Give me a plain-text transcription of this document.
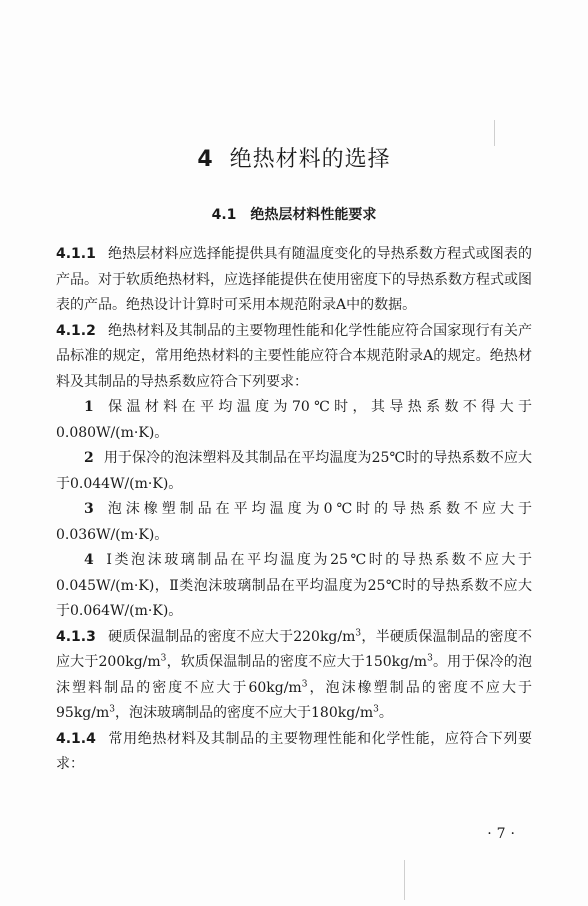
4 绝热材料的选择
4.1 绝热层材料性能要求

4.1.1 绝热层材料应选择能提供具有随温度变化的导热系数方程式或图表的产品。对于软质绝热材料，应选择能提供在使用密度下的导热系数方程式或图表的产品。绝热设计计算时可采用本规范附录A中的数据。

4.1.2 绝热材料及其制品的主要物理性能和化学性能应符合国家现行有关产品标准的规定，常用绝热材料的主要性能应符合本规范附录A的规定。绝热材料及其制品的导热系数应符合下列要求：

1 保温材料在平均温度为70℃时，其导热系数不得大于0.080W/(m·K)。

2 用于保冷的泡沫塑料及其制品在平均温度为25℃时的导热系数不应大于0.044W/(m·K)。

3 泡沫橡塑制品在平均温度为0℃时的导热系数不应大于0.036W/(m·K)。

4 Ⅰ类泡沫玻璃制品在平均温度为25℃时的导热系数不应大于0.045W/(m·K)，Ⅱ类泡沫玻璃制品在平均温度为25℃时的导热系数不应大于0.064W/(m·K)。

4.1.3 硬质保温制品的密度不应大于$220kg/m^3$，半硬质保温制品的密度不应大于$200kg/m^3$，软质保温制品的密度不应大于$150kg/m^3$。用于保冷的泡沫塑料制品的密度不应大于$60kg/m^3$，泡沫橡塑制品的密度不应大于$95kg/m^3$，泡沫玻璃制品的密度不应大于$180kg/m^3$。

4.1.4 常用绝热材料及其制品的主要物理性能和化学性能，应符合下列要求：

·7·
